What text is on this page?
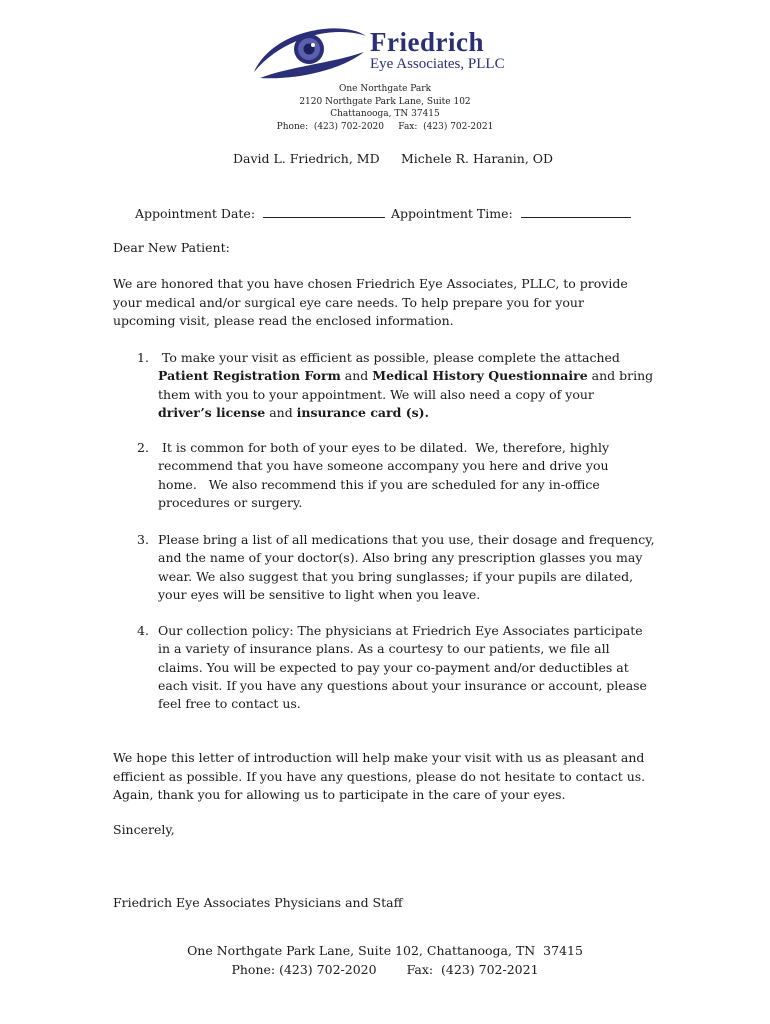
Friedrich
Eye Associates, PLLC
One Northgate Park
2120 Northgate Park Lane, Suite 102
Chattanooga, TN 37415
Phone:  (423) 702-2020     Fax:  (423) 702-2021
David L. Friedrich, MD Michele R. Haranin, OD
Appointment Date:	Appointment Time:
Dear New Patient:
We are honored that you have chosen Friedrich Eye Associates, PLLC, to provide
your medical and/or surgical eye care needs. To help prepare you for your
upcoming visit, please read the enclosed information.
1. To make your visit as efficient as possible, please complete the attached
Patient Registration Form and Medical History Questionnaire and bring
them with you to your appointment. We will also need a copy of your
driver’s license and insurance card (s).
2. It is common for both of your eyes to be dilated.  We, therefore, highly
recommend that you have someone accompany you here and drive you
home.   We also recommend this if you are scheduled for any in-office
procedures or surgery.
3. Please bring a list of all medications that you use, their dosage and frequency,
and the name of your doctor(s). Also bring any prescription glasses you may
wear. We also suggest that you bring sunglasses; if your pupils are dilated,
your eyes will be sensitive to light when you leave.
4. Our collection policy: The physicians at Friedrich Eye Associates participate
in a variety of insurance plans. As a courtesy to our patients, we file all
claims. You will be expected to pay your co-payment and/or deductibles at
each visit. If you have any questions about your insurance or account, please
feel free to contact us.
We hope this letter of introduction will help make your visit with us as pleasant and
efficient as possible. If you have any questions, please do not hesitate to contact us.
Again, thank you for allowing us to participate in the care of your eyes.
Sincerely,
Friedrich Eye Associates Physicians and Staff
One Northgate Park Lane, Suite 102, Chattanooga, TN  37415
Phone: (423) 702-2020 Fax:  (423) 702-2021
